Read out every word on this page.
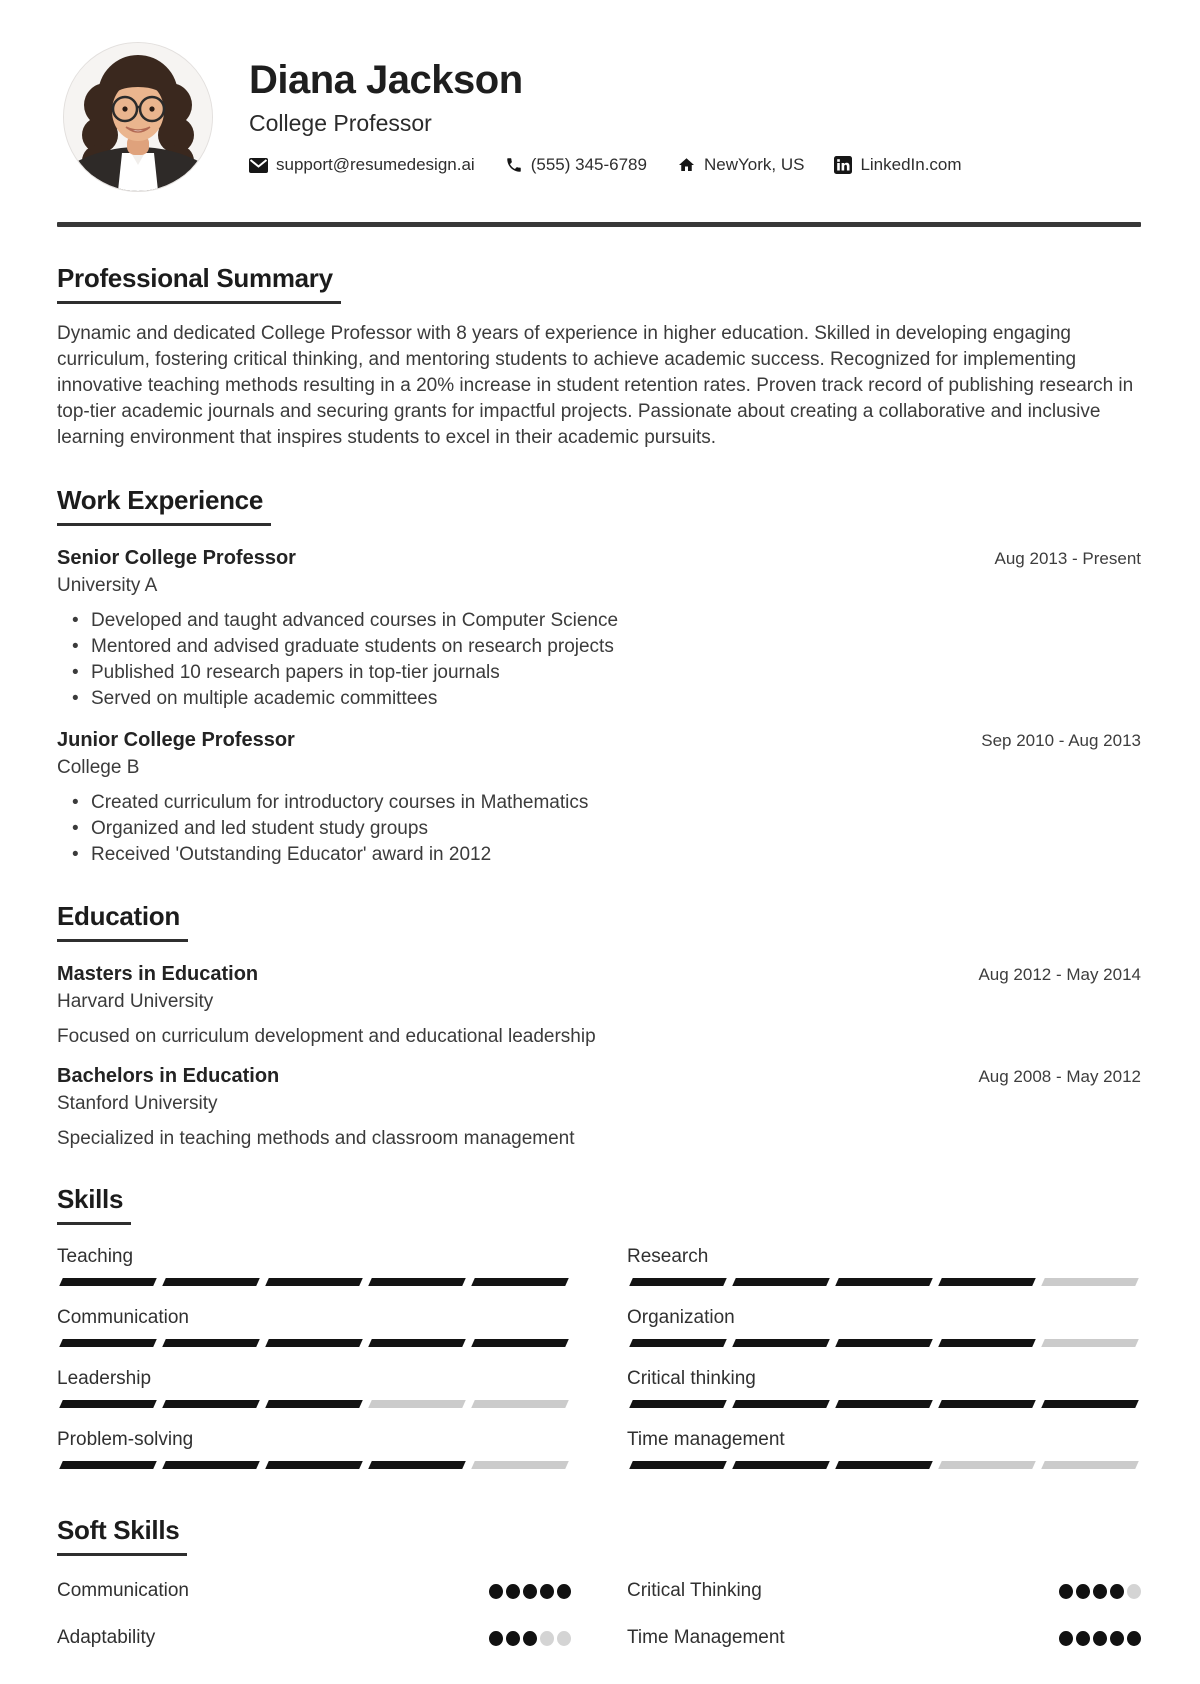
Diana Jackson
College Professor
support@resumedesign.ai	(555) 345-6789	NewYork, US	LinkedIn.com
Professional Summary
Dynamic and dedicated College Professor with 8 years of experience in higher education. Skilled in developing engaging curriculum, fostering critical thinking, and mentoring students to achieve academic success. Recognized for implementing innovative teaching methods resulting in a 20% increase in student retention rates. Proven track record of publishing research in top-tier academic journals and securing grants for impactful projects. Passionate about creating a collaborative and inclusive learning environment that inspires students to excel in their academic pursuits.
Work Experience
Senior College Professor	Aug 2013 - Present
University A
• Developed and taught advanced courses in Computer Science
• Mentored and advised graduate students on research projects
• Published 10 research papers in top-tier journals
• Served on multiple academic committees
Junior College Professor	Sep 2010 - Aug 2013
College B
• Created curriculum for introductory courses in Mathematics
• Organized and led student study groups
• Received 'Outstanding Educator' award in 2012
Education
Masters in Education	Aug 2012 - May 2014
Harvard University
Focused on curriculum development and educational leadership
Bachelors in Education	Aug 2008 - May 2012
Stanford University
Specialized in teaching methods and classroom management
Skills
Teaching	Research
Communication	Organization
Leadership	Critical thinking
Problem-solving	Time management
Soft Skills
Communication	Critical Thinking
Adaptability	Time Management
